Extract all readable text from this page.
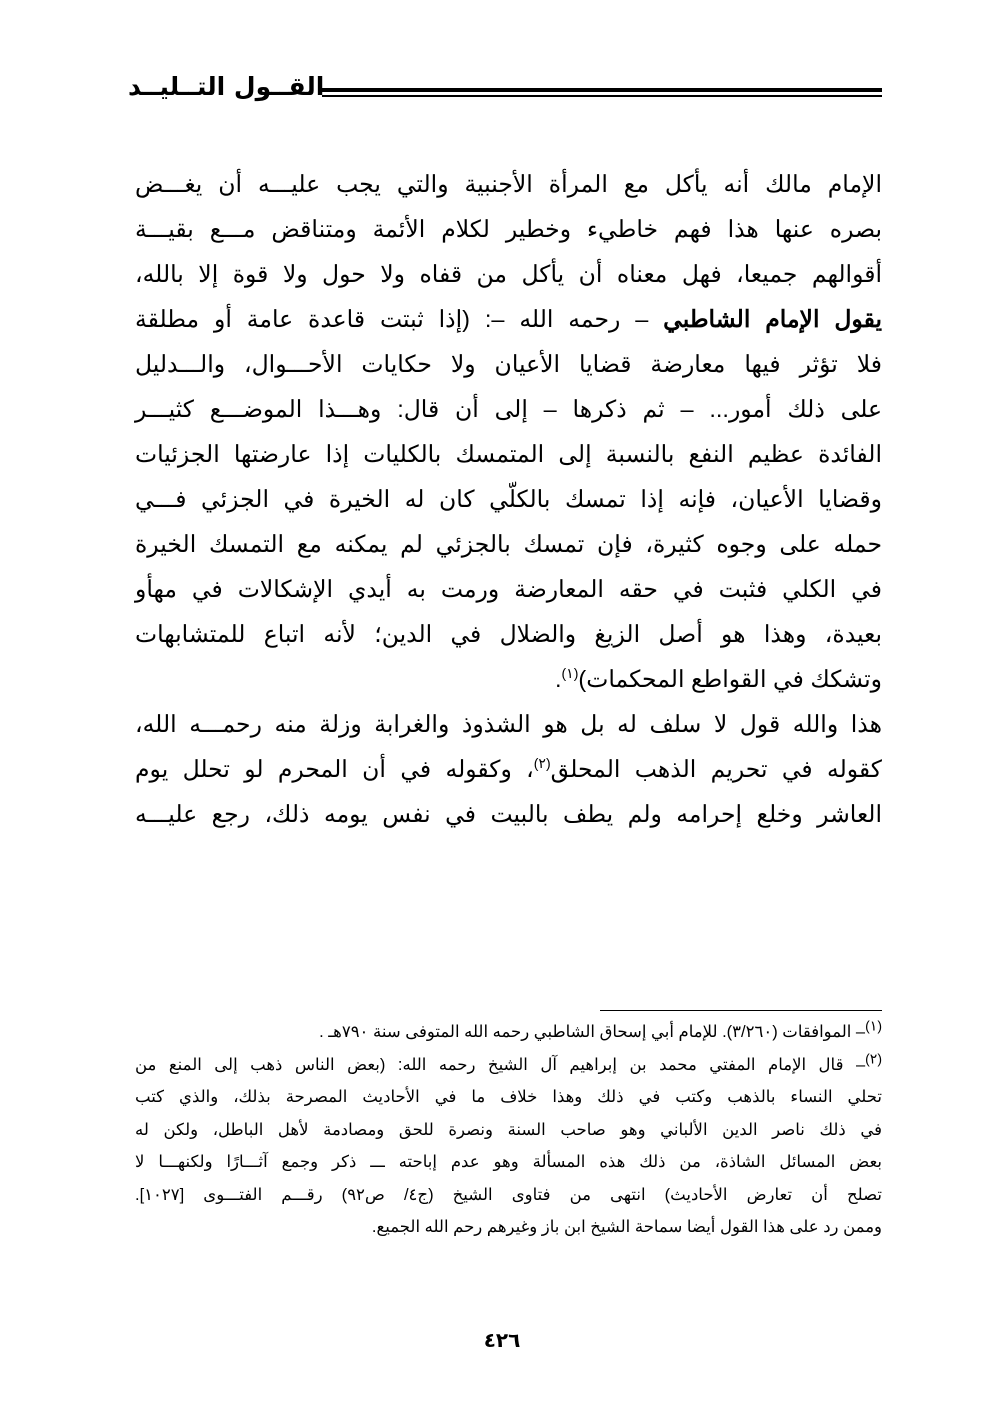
القــول التــليــد
الإمام مالك أنه يأكل مع المرأة الأجنبية والتي يجب عليـــه أن يغـــض
بصره عنها هذا فهم خاطيء وخطير لكلام الأئمة ومتناقض مـــع بقيـــة
أقوالهم جميعا، فهل معناه أن يأكل من قفاه ولا حول ولا قوة إلا بالله،
يقول الإمام الشاطبي – رحمه الله –: (إذا ثبتت قاعدة عامة أو مطلقة
فلا تؤثر فيها معارضة قضايا الأعيان ولا حكايات الأحـــوال، والـــدليل
على ذلك أمور... – ثم ذكرها – إلى أن قال: وهـــذا الموضـــع كثيـــر
الفائدة عظيم النفع بالنسبة إلى المتمسك بالكليات إذا عارضتها الجزئيات
وقضايا الأعيان، فإنه إذا تمسك بالكلّي كان له الخيرة في الجزئي فـــي
حمله على وجوه كثيرة، فإن تمسك بالجزئي لم يمكنه مع التمسك الخيرة
في الكلي فثبت في حقه المعارضة ورمت به أيدي الإشكالات في مهأو
بعيدة، وهذا هو أصل الزيغ والضلال في الدين؛ لأنه اتباع للمتشابهات
وتشكك في القواطع المحكمات)$^{(١)}$.
هذا والله قول لا سلف له بل هو الشذوذ والغرابة وزلة منه رحمـــه الله،
كقوله في تحريم الذهب المحلق$^{(٢)}$، وكقوله في أن المحرم لو تحلل يوم
العاشر وخلع إحرامه ولم يطف بالبيت في نفس يومه ذلك، رجع عليـــه
$^{(١)}$– الموافقات (٣/٢٦٠). للإمام أبي إسحاق الشاطبي رحمه الله المتوفى سنة ٧٩٠هـ .
$^{(٢)}$– قال الإمام المفتي محمد بن إبراهيم آل الشيخ رحمه الله: (بعض الناس ذهب إلى المنع من
تحلي النساء بالذهب وكتب في ذلك وهذا خلاف ما في الأحاديث المصرحة بذلك، والذي كتب
في ذلك ناصر الدين الألباني وهو صاحب السنة ونصرة للحق ومصادمة لأهل الباطل، ولكن له
بعض المسائل الشاذة، من ذلك هذه المسألة وهو عدم إباحته ـــ ذكر وجمع آثـــارًا ولكنهـــا لا
تصلح أن تعارض الأحاديث) انتهى من فتاوى الشيخ (ج٤/ ص٩٢) رقـــم الفتـــوى [١٠٢٧].
وممن رد على هذا القول أيضا سماحة الشيخ ابن باز وغيرهم رحم الله الجميع.
٤٢٦
